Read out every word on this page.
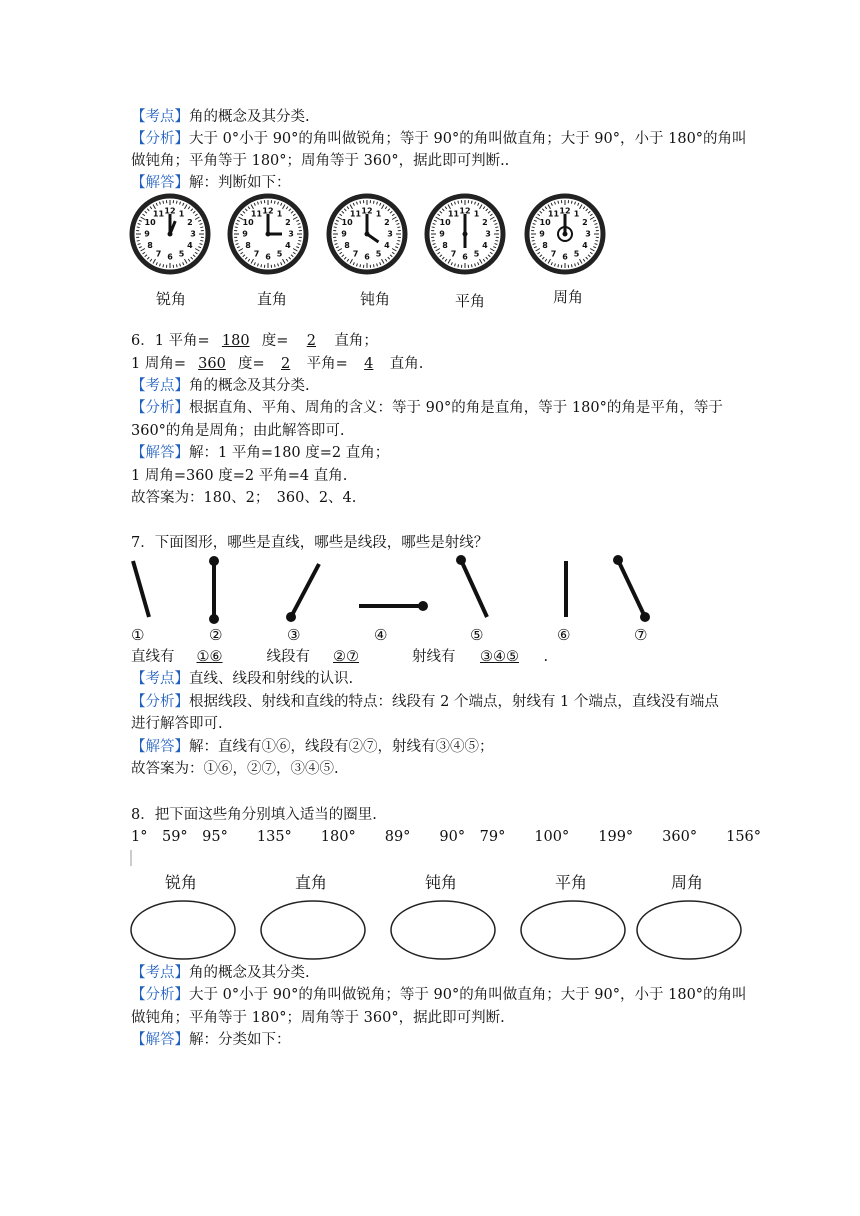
【考点】角的概念及其分类.
【分析】大于 0°小于 90°的角叫做锐角；等于 90°的角叫做直角；大于 90°，小于 180°的角叫
做钝角；平角等于 180°；周角等于 360°，据此即可判断..
【解答】解：判断如下：
1
2
3
4
5
6
7
8
9
10
11 12	1
2
3
4
5
6
7
8
9
10
11 12	1
2
3
4
5
6
7
8
9
10
11 12	1
2
3
4
5
6
7
8
9
10
11 12	1
2
3
4
5
6
7
8
9
10
11 12
锐角	直角	钝角	平角	周角
6．1 平角= 180 度= 2 直角；
1 周角= 360 度= 2 平角= 4 直角.
【考点】角的概念及其分类.
【分析】根据直角、平角、周角的含义：等于 90°的角是直角，等于 180°的角是平角，等于
360°的角是周角；由此解答即可.
【解答】解：1 平角=180 度=2 直角；
1 周角=360 度=2 平角=4 直角.
故答案为：180、2；　360、2、4.
7．下面图形，哪些是直线，哪些是线段，哪些是射线？
①	②	③	④	⑤	⑥	⑦
直线有 ①⑥	线段有 ②⑦	射线有 ③④⑤ .
【考点】直线、线段和射线的认识.
【分析】根据线段、射线和直线的特点：线段有 2 个端点，射线有 1 个端点，直线没有端点
进行解答即可.
【解答】解：直线有①⑥，线段有②⑦，射线有③④⑤；
故答案为：①⑥，②⑦，③④⑤.
8．把下面这些角分别填入适当的圈里.
1°　59°　95°　　135°　　180°　　89°　　90°　79°　　100°　　199°　　360°　　156°
锐角	直角	钝角	平角	周角
【考点】角的概念及其分类.
【分析】大于 0°小于 90°的角叫做锐角；等于 90°的角叫做直角；大于 90°，小于 180°的角叫
做钝角；平角等于 180°；周角等于 360°，据此即可判断.
【解答】解：分类如下：
